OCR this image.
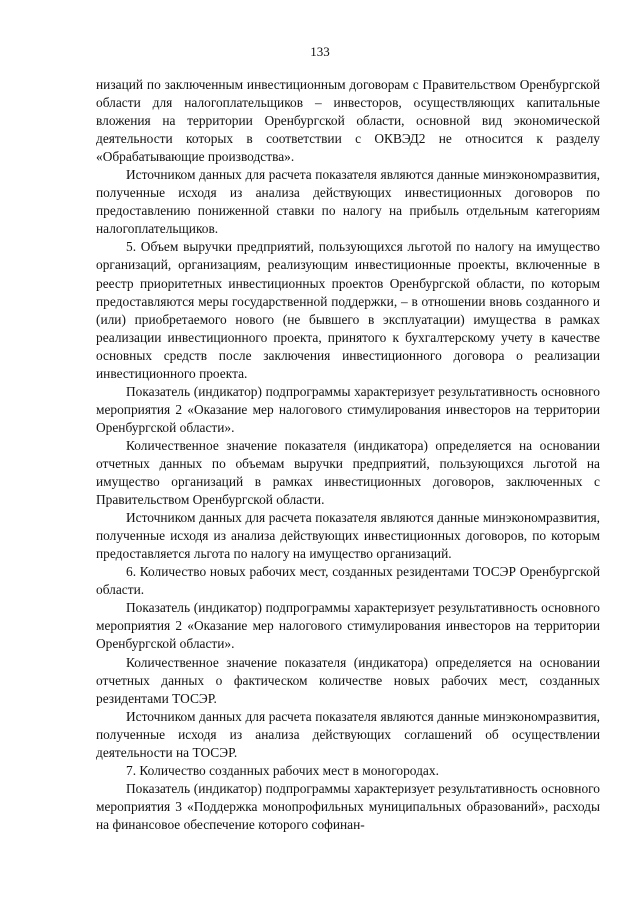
133

низаций по заключенным инвестиционным договорам с Правительством Оренбургской области для налогоплательщиков – инвесторов, осуществляющих капитальные вложения на территории Оренбургской области, основной вид экономической деятельности которых в соответствии с ОКВЭД2 не относится к разделу «Обрабатывающие производства».

Источником данных для расчета показателя являются данные минэкономразвития, полученные исходя из анализа действующих инвестиционных договоров по предоставлению пониженной ставки по налогу на прибыль отдельным категориям налогоплательщиков.

5. Объем выручки предприятий, пользующихся льготой по налогу на имущество организаций, организациям, реализующим инвестиционные проекты, включенные в реестр приоритетных инвестиционных проектов Оренбургской области, по которым предоставляются меры государственной поддержки, – в отношении вновь созданного и (или) приобретаемого нового (не бывшего в эксплуатации) имущества в рамках реализации инвестиционного проекта, принятого к бухгалтерскому учету в качестве основных средств после заключения инвестиционного договора о реализации инвестиционного проекта.

Показатель (индикатор) подпрограммы характеризует результативность основного мероприятия 2 «Оказание мер налогового стимулирования инвесторов на территории Оренбургской области».

Количественное значение показателя (индикатора) определяется на основании отчетных данных по объемам выручки предприятий, пользующихся льготой на имущество организаций в рамках инвестиционных договоров, заключенных с Правительством Оренбургской области.

Источником данных для расчета показателя являются данные минэкономразвития, полученные исходя из анализа действующих инвестиционных договоров, по которым предоставляется льгота по налогу на имущество организаций.

6. Количество новых рабочих мест, созданных резидентами ТОСЭР Оренбургской области.

Показатель (индикатор) подпрограммы характеризует результативность основного мероприятия 2 «Оказание мер налогового стимулирования инвесторов на территории Оренбургской области».

Количественное значение показателя (индикатора) определяется на основании отчетных данных о фактическом количестве новых рабочих мест, созданных резидентами ТОСЭР.

Источником данных для расчета показателя являются данные минэкономразвития, полученные исходя из анализа действующих соглашений об осуществлении деятельности на ТОСЭР.

7. Количество созданных рабочих мест в моногородах.

Показатель (индикатор) подпрограммы характеризует результативность основного мероприятия 3 «Поддержка монопрофильных муниципальных образований», расходы на финансовое обеспечение которого софинан-
